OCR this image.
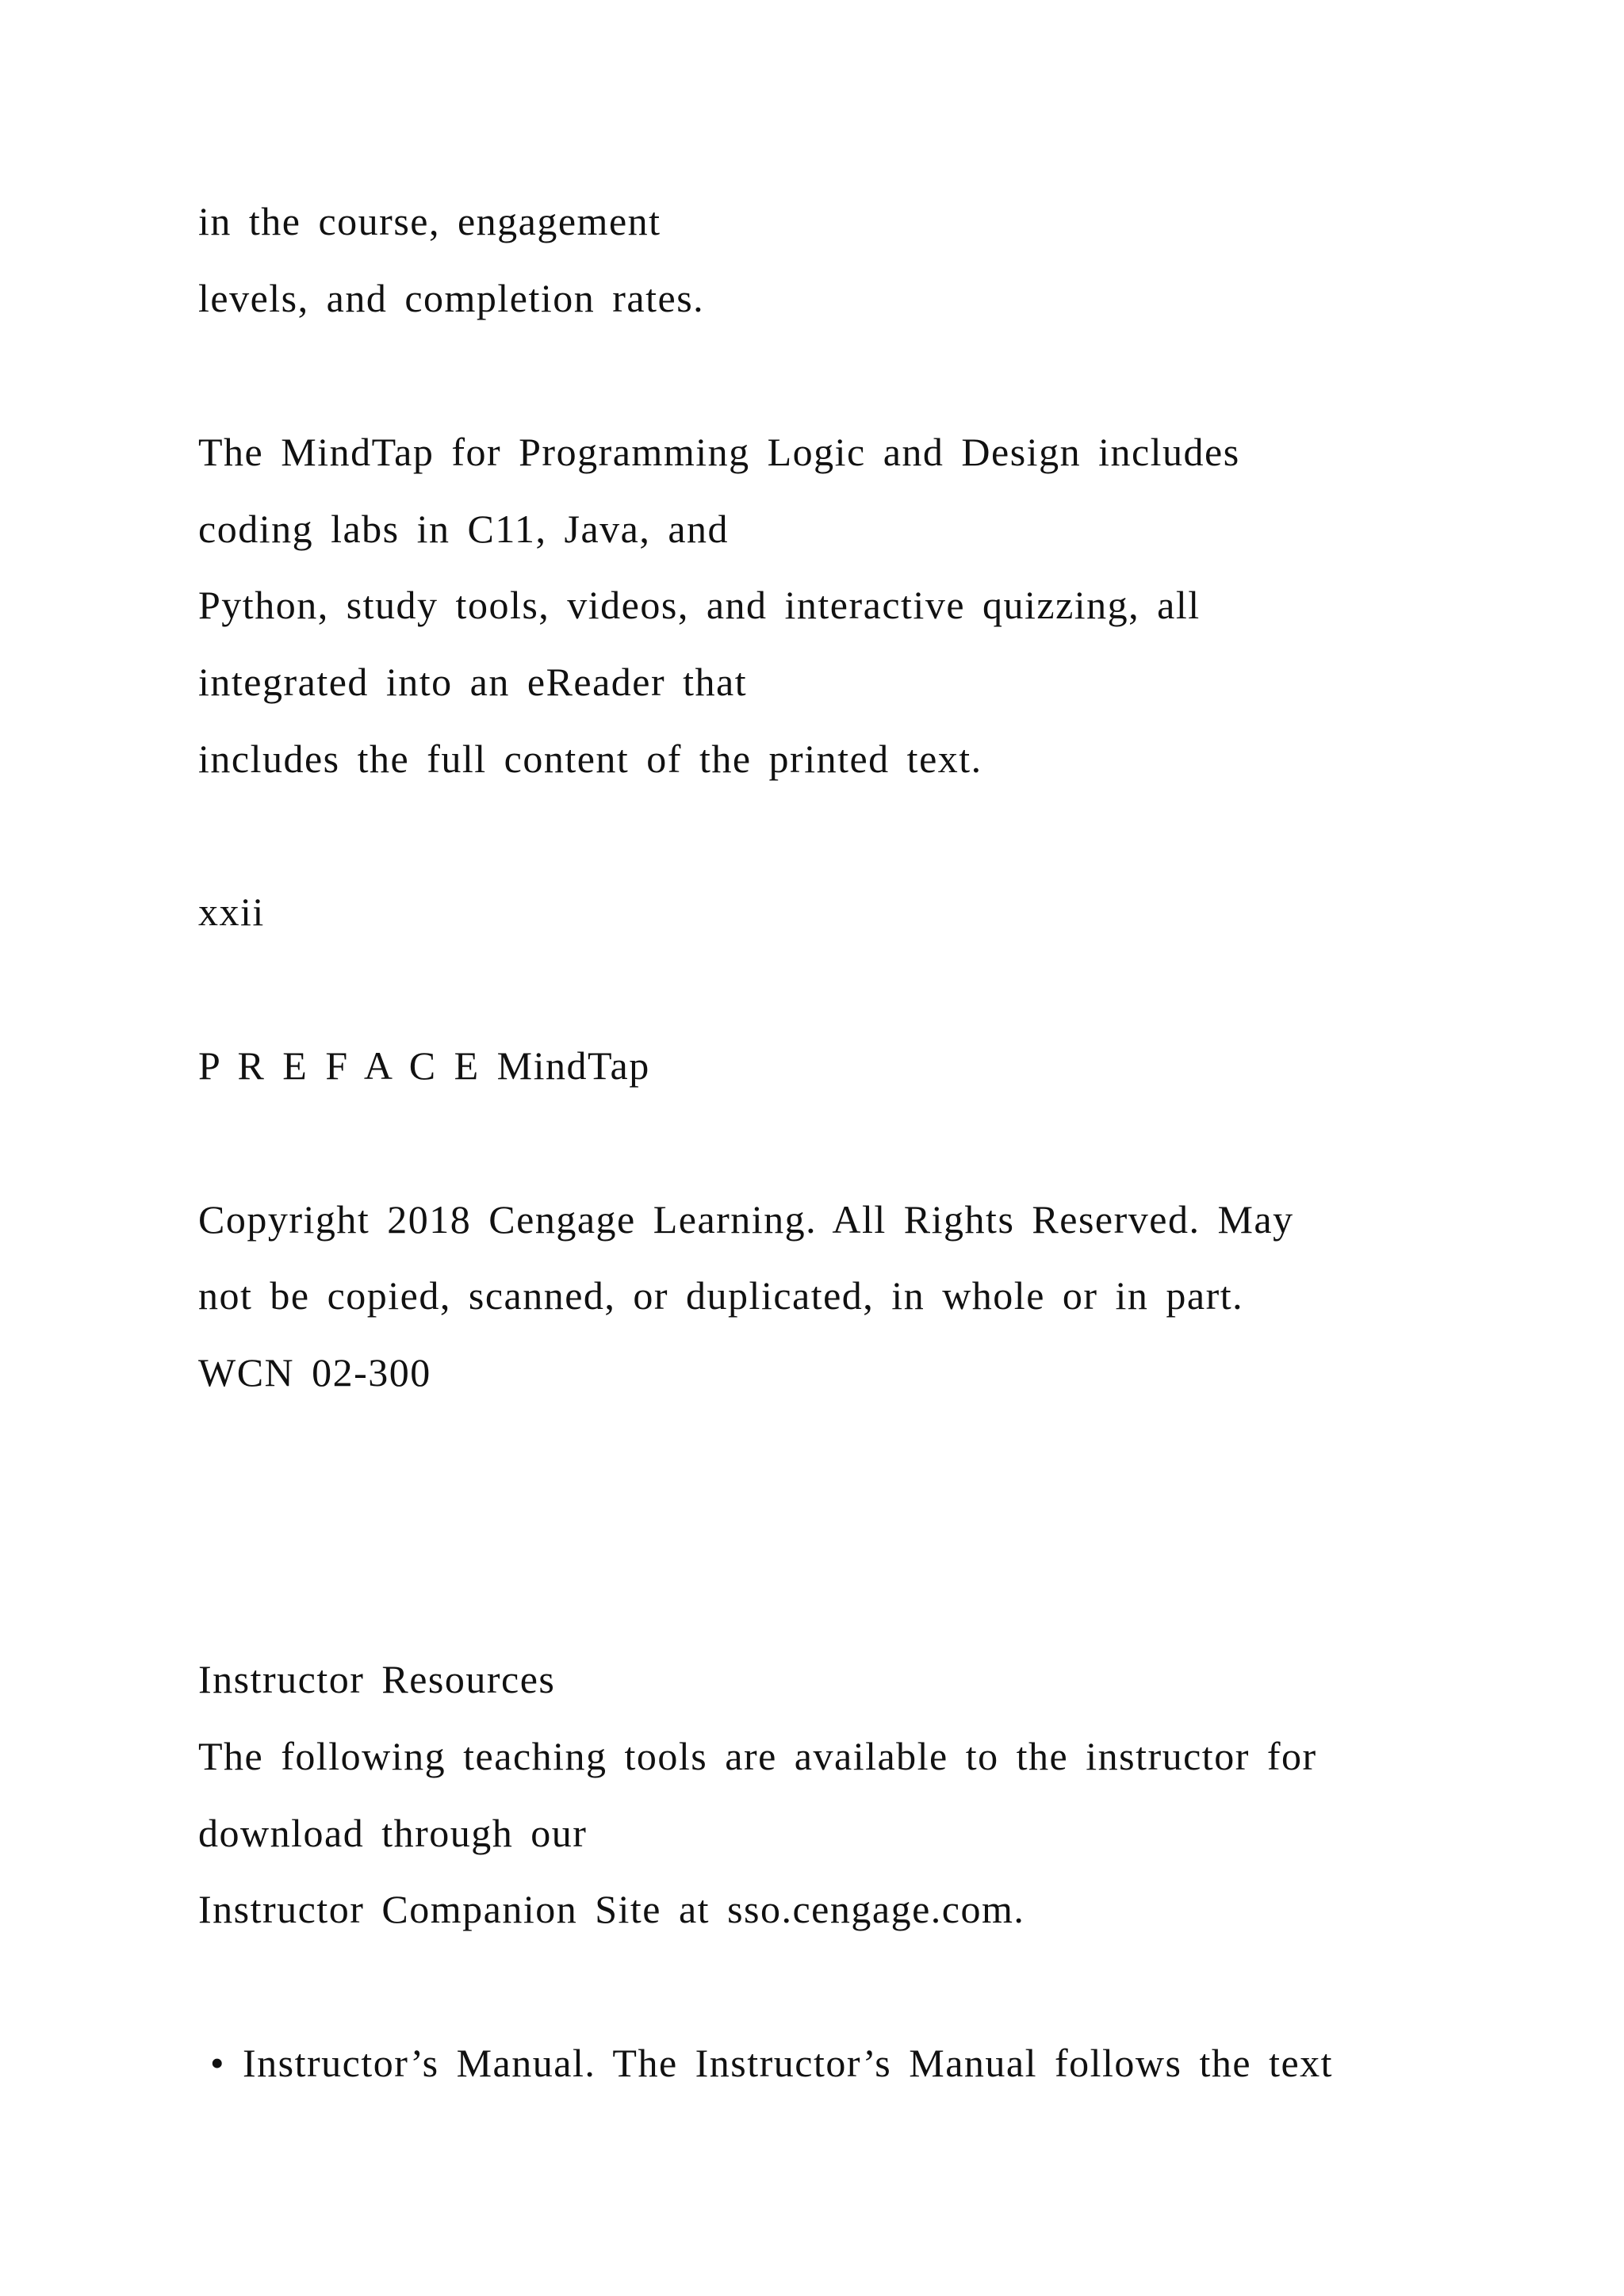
in the course, engagement
levels, and completion rates.
The MindTap for Programming Logic and Design includes
coding labs in C11, Java, and
Python, study tools, videos, and interactive quizzing, all
integrated into an eReader that
includes the full content of the printed text.
xxii
P R E F A C E MindTap
Copyright 2018 Cengage Learning. All Rights Reserved. May
not be copied, scanned, or duplicated, in whole or in part.
WCN 02-300
Instructor Resources
The following teaching tools are available to the instructor for
download through our
Instructor Companion Site at sso.cengage.com.
• Instructor’s Manual. The Instructor’s Manual follows the text
